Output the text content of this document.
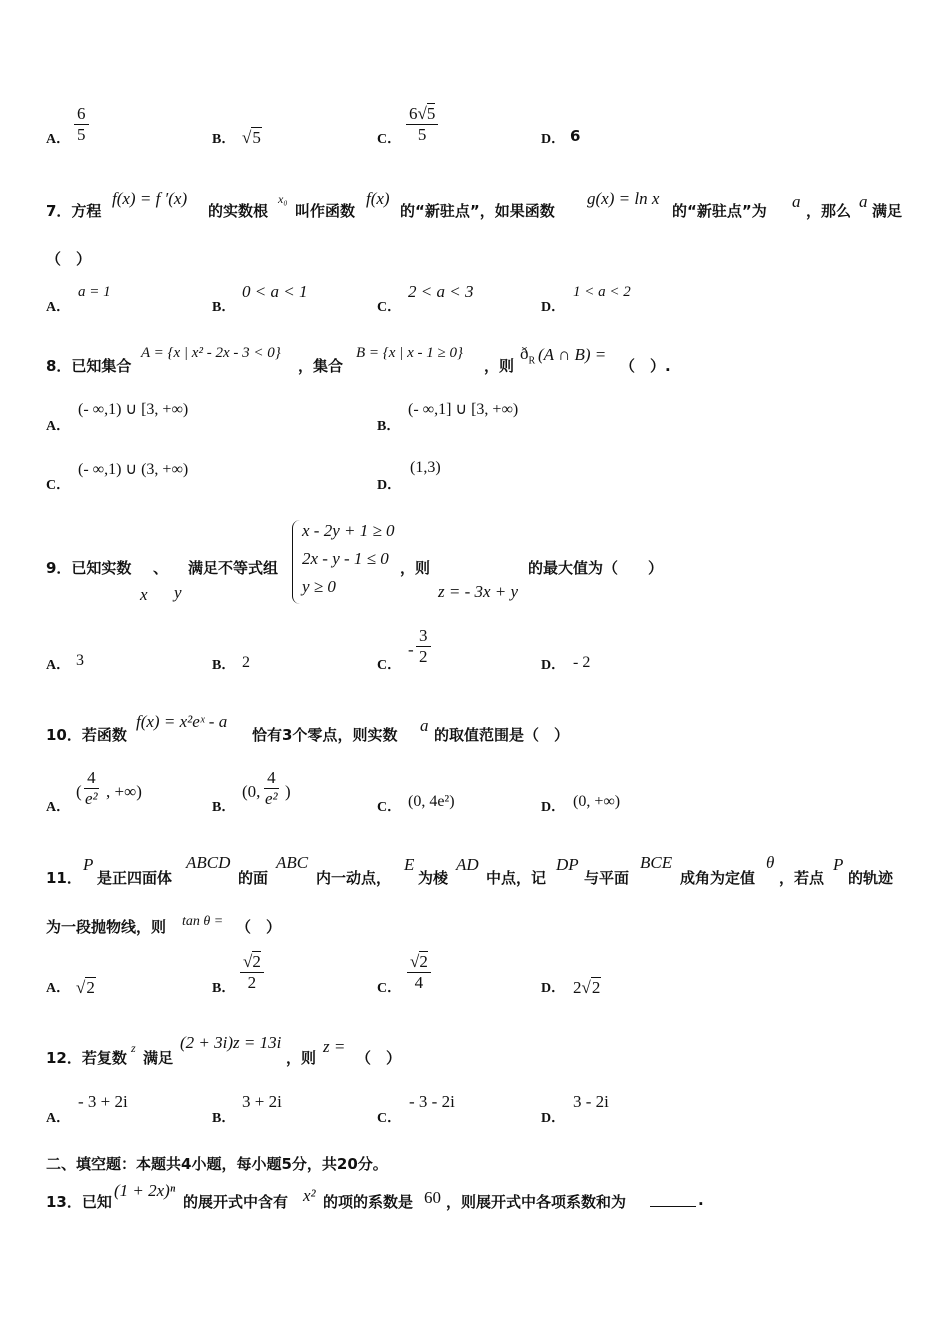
A． $\frac{6}{5}$	B． √5	C． $\frac{6√5}{5}$	D． 6
7．方程
f(x) = f ′(x)
的实数根
x₀
叫作函数
f(x)
的“新驻点”，如果函数
g(x) = ln x
的“新驻点”为 a ，那么 a 满足
（　）
A．
a = 1
B．
0 < a < 1
C．
2 < a < 3
D．
1 < a < 2
8．已知集合
A = {x | x² - 2x - 3 < 0}
，集合
B = {x | x - 1 ≥ 0}
，则
$ð_R$ (A ∩ B) =
（　）.
A．
(- ∞,1) ∪ [3, +∞)
B．
(- ∞,1] ∪ [3, +∞)
C．
(- ∞,1) ∪ (3, +∞)
D．
(1,3)
9．已知实数 、 满足不等式组
x y
x - 2y + 1 ≥ 0
2x - y - 1 ≤ 0
y ≥ 0
，则
z = - 3x + y
的最大值为（　　）
A． 3	B． 2	C．
- $\frac{3}{2}$	D． - 2
10．若函数
f(x) = x²eˣ - a
恰有3个零点，则实数 a 的取值范围是（　）
A．
( $\frac{4}{\text{e²}}$ , +∞)
B．
(0, $\frac{4}{\text{e²}}$ )
C． (0, 4e²)	D． (0, +∞)
11．
P
是正四面体
ABCD
的面
ABC
内一动点，
E
为棱
AD
中点，记
DP
与平面
BCE
成角为定值
θ
，若点
P
的轨迹
为一段抛物线，则 tan θ = （　）
A． √2	B． $\frac{√2}{2}$	C． $\frac{√2}{4}$	D． 2√2
12．若复数
z
满足
(2 + 3i)z = 13i
，则
z =
（　）
A．
- 3 + 2i
B．
3 + 2i
C．
- 3 - 2i
D．
3 - 2i
二、填空题：本题共4小题，每小题5分，共20分。
13．已知
(1 + 2x)ⁿ
的展开式中含有 x² 的项的系数是 60 ，则展开式中各项系数和为	.
